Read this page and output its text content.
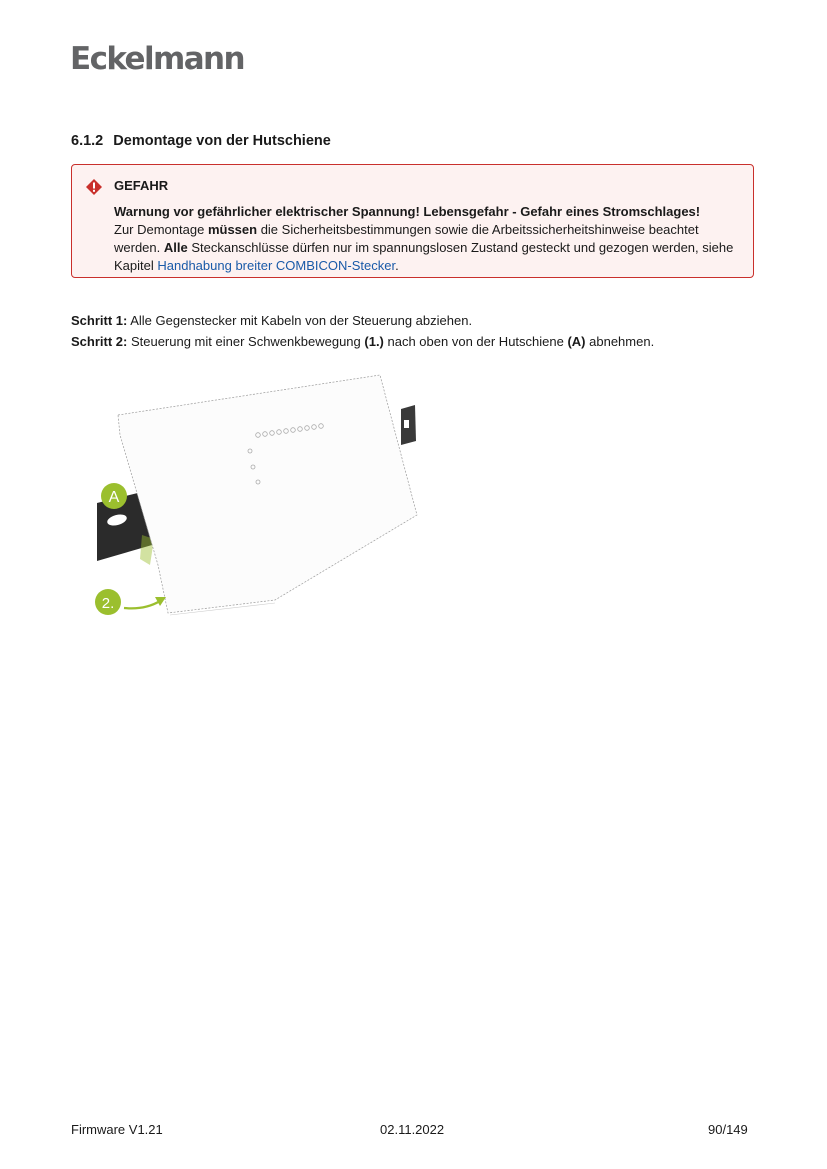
Eckelmann
6.1.2 Demontage von der Hutschiene
GEFAHR
Warnung vor gefährlicher elektrischer Spannung! Lebensgefahr - Gefahr eines Stromschlages!
Zur Demontage müssen die Sicherheitsbestimmungen sowie die Arbeitssicherheitshinweise beachtet werden. Alle Steckanschlüsse dürfen nur im spannungslosen Zustand gesteckt und gezogen werden, siehe Kapitel Handhabung breiter COMBICON-Stecker.
Schritt 1: Alle Gegenstecker mit Kabeln von der Steuerung abziehen.
Schritt 2: Steuerung mit einer Schwenkbewegung (1.) nach oben von der Hutschiene (A) abnehmen.
A
2.
Firmware V1.21	02.11.2022	90/149
